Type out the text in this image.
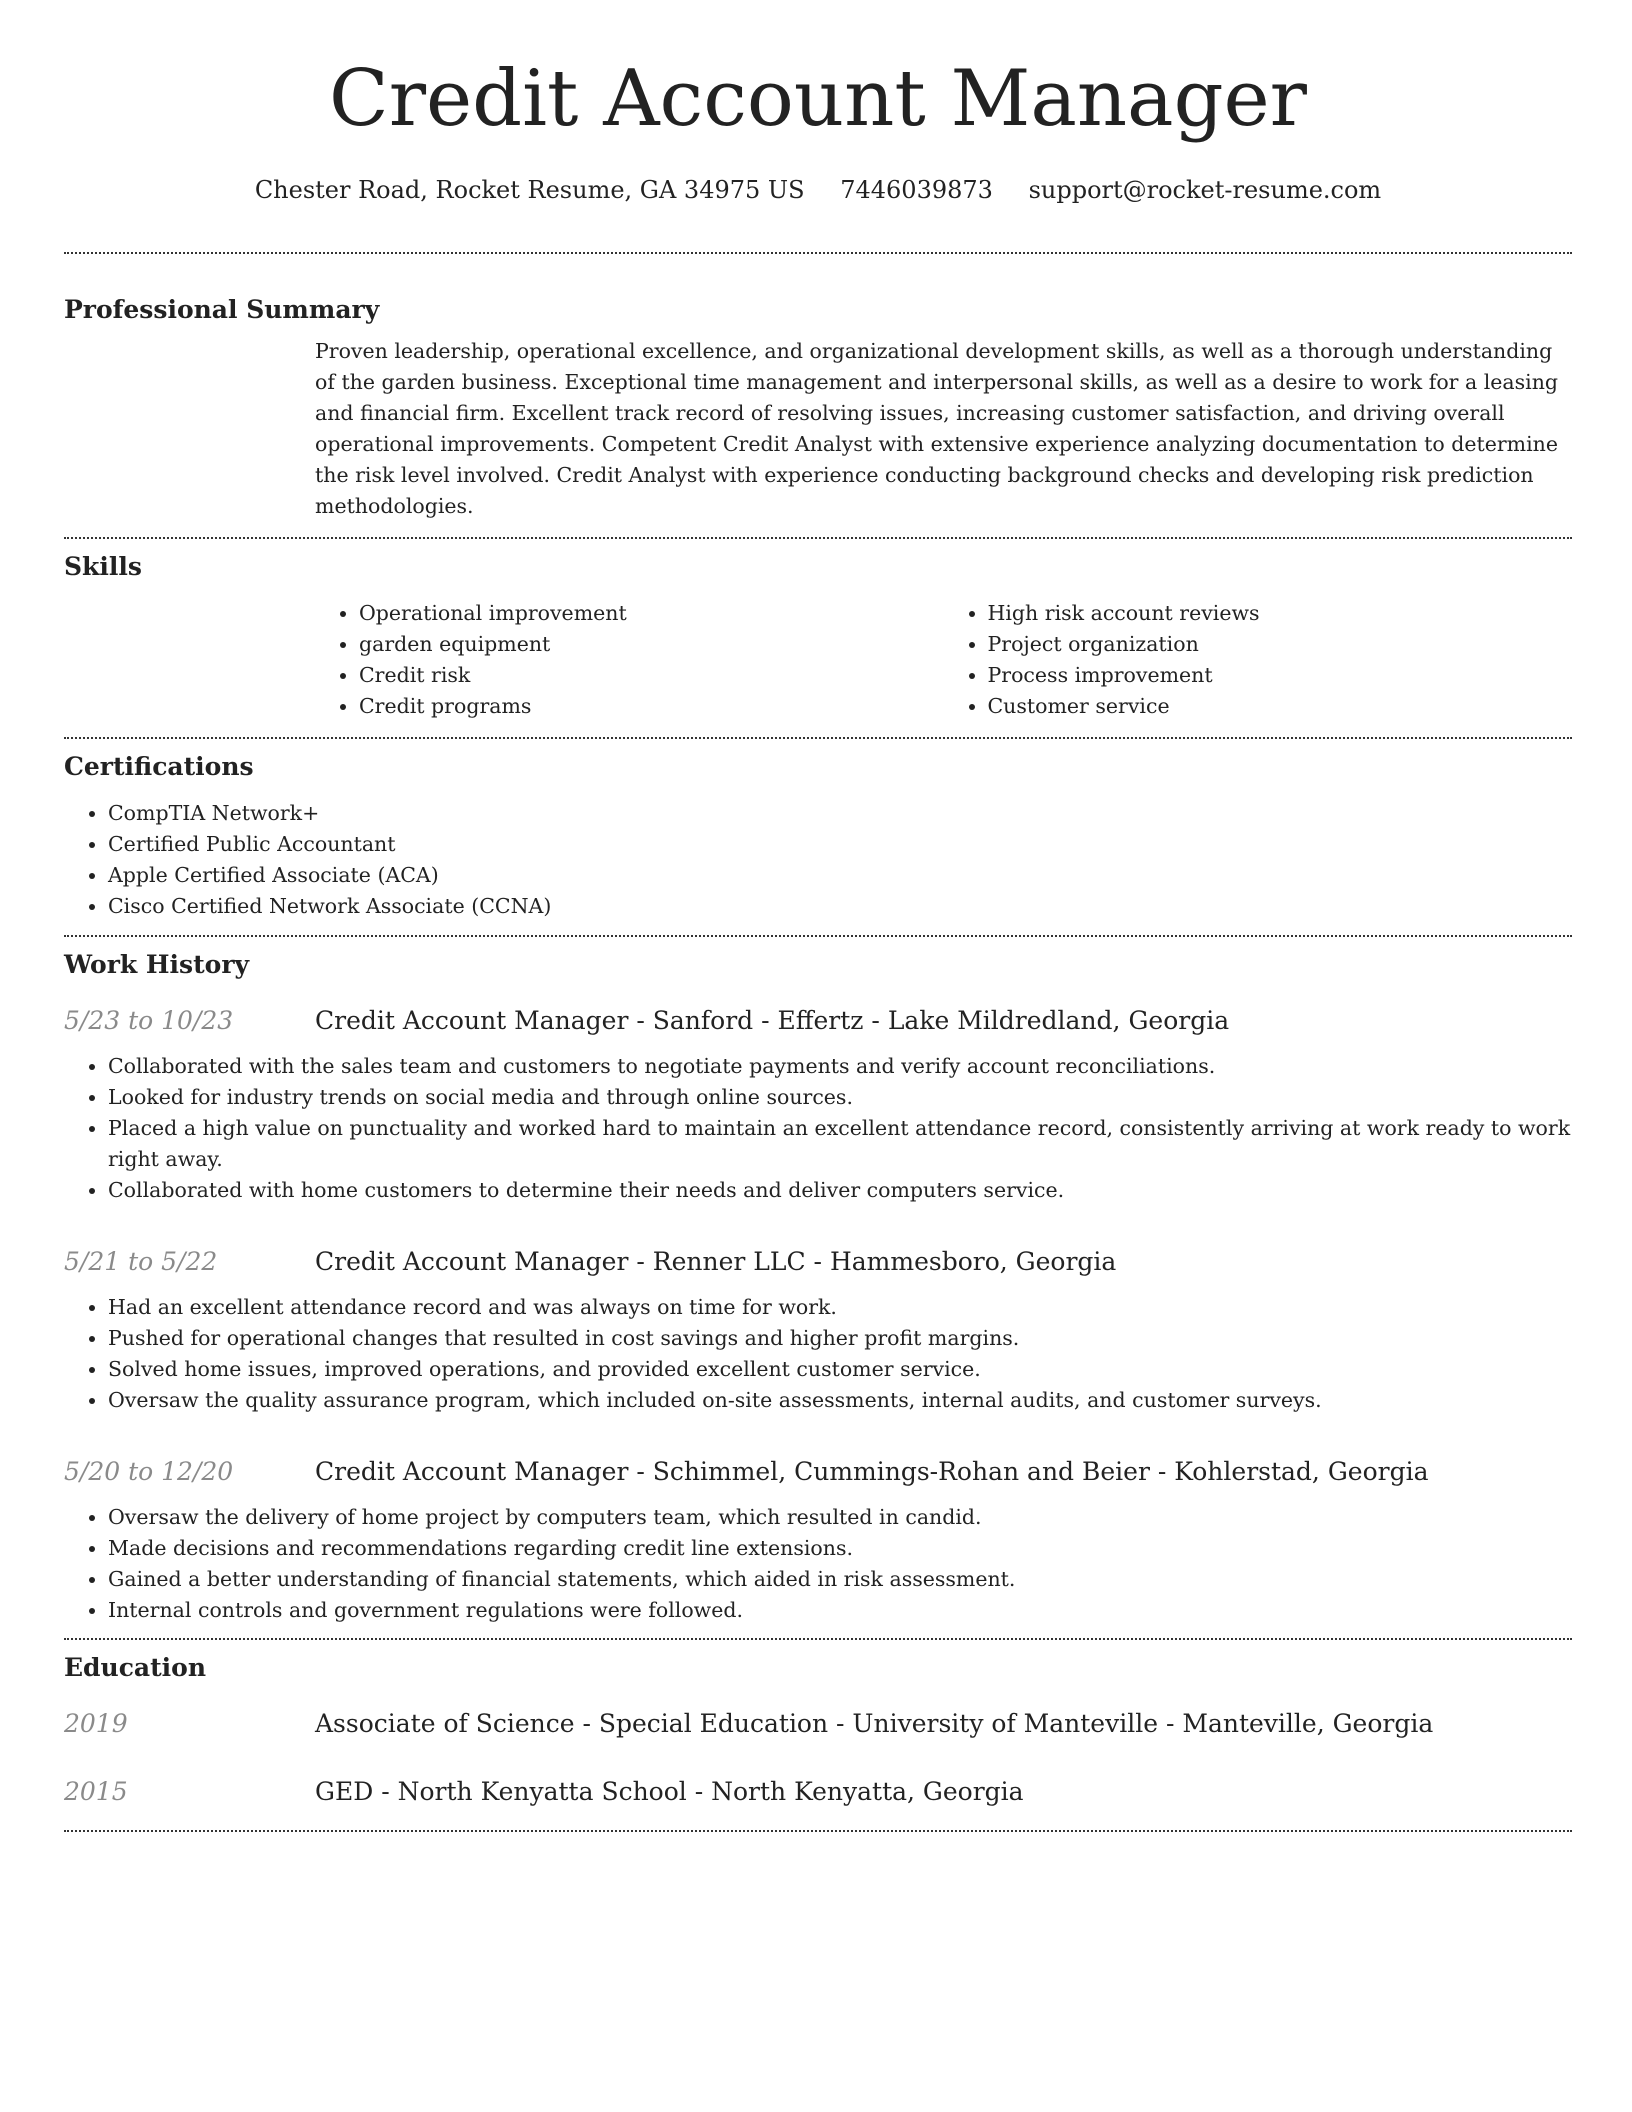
Credit Account Manager
Chester Road, Rocket Resume, GA 34975 US 7446039873 support@rocket-resume.com
Professional Summary
Proven leadership, operational excellence, and organizational development skills, as well as a thorough understanding of the garden business. Exceptional time management and interpersonal skills, as well as a desire to work for a leasing and financial firm. Excellent track record of resolving issues, increasing customer satisfaction, and driving overall operational improvements. Competent Credit Analyst with extensive experience analyzing documentation to determine the risk level involved. Credit Analyst with experience conducting background checks and developing risk prediction methodologies.
Skills
• Operational improvement
• garden equipment
• Credit risk
• Credit programs
• High risk account reviews
• Project organization
• Process improvement
• Customer service
Certifications
• CompTIA Network+
• Certified Public Accountant
• Apple Certified Associate (ACA)
• Cisco Certified Network Associate (CCNA)
Work History
5/23 to 10/23	Credit Account Manager - Sanford - Effertz - Lake Mildredland, Georgia
• Collaborated with the sales team and customers to negotiate payments and verify account reconciliations.
• Looked for industry trends on social media and through online sources.
• Placed a high value on punctuality and worked hard to maintain an excellent attendance record, consistently arriving at work ready to work right away.
• Collaborated with home customers to determine their needs and deliver computers service.
5/21 to 5/22	Credit Account Manager - Renner LLC - Hammesboro, Georgia
• Had an excellent attendance record and was always on time for work.
• Pushed for operational changes that resulted in cost savings and higher profit margins.
• Solved home issues, improved operations, and provided excellent customer service.
• Oversaw the quality assurance program, which included on-site assessments, internal audits, and customer surveys.
5/20 to 12/20	Credit Account Manager - Schimmel, Cummings-Rohan and Beier - Kohlerstad, Georgia
• Oversaw the delivery of home project by computers team, which resulted in candid.
• Made decisions and recommendations regarding credit line extensions.
• Gained a better understanding of financial statements, which aided in risk assessment.
• Internal controls and government regulations were followed.
Education
2019	Associate of Science - Special Education - University of Manteville - Manteville, Georgia
2015	GED - North Kenyatta School - North Kenyatta, Georgia
